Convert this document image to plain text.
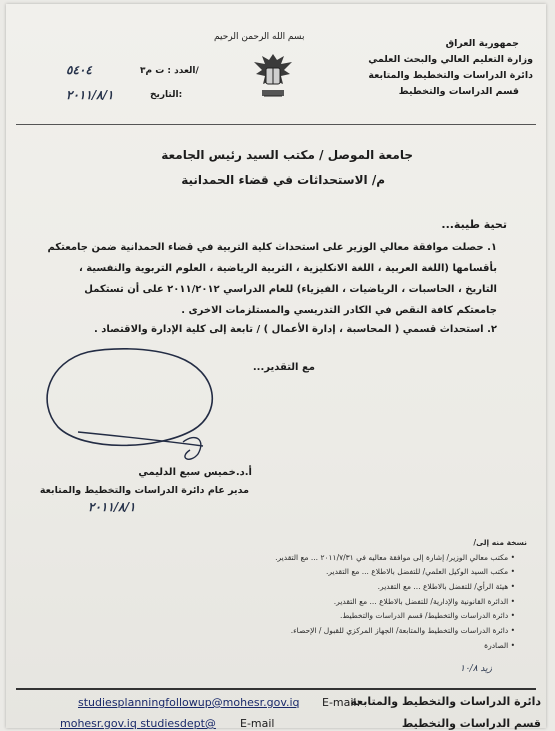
بسم الله الرحمن الرحيم
جمهورية العراق
وزارة التعليم العالي والبحث العلمي
دائرة الدراسات والتخطيط والمتابعة
قسم الدراسات والتخطيط
العدد : ت م٣/
٥٤٠٤
التاريخ:
٢٠١١/٨/١
جامعة الموصل / مكتب السيد رئيس الجامعة
م/ الاستحداثات في قضاء الحمدانية
تحية طيبة...
١. حصلت موافقة معالي الوزير على استحداث كلية التربية في قضاء الحمدانية ضمن جامعتكم
بأقسامها (اللغة العربية ، اللغة الانكليزية ، التربية الرياضية ، العلوم التربوية والنفسية ،
التاريخ ، الحاسبات ، الرياضيات ، الفيزياء) للعام الدراسي ٢٠١١/٢٠١٢ على أن تستكمل
جامعتكم كافة النقص في الكادر التدريسي والمستلزمات الاخرى .
٢. استحداث قسمي ( المحاسبة ، إدارة الأعمال ) / تابعة إلى كلية الإدارة والاقتصاد .
مع التقدير...
أ.د.خميس سبع الدليمي
مدير عام دائرة الدراسات والتخطيط والمتابعة
٢٠١١/٨/١
نسخة منه إلى/
• مكتب معالي الوزير/ إشارة إلى موافقة معاليه في ٢٠١١/٧/٣١ ... مع التقدير.
• مكتب السيد الوكيل العلمي/ للتفضل بالاطلاع ... مع التقدير.
• هيئة الرأي/ للتفضل بالاطلاع ... مع التقدير.
• الدائرة القانونية والإدارية/ للتفضل بالاطلاع ... مع التقدير.
• دائرة الدراسات والتخطيط/ قسم الدراسات والتخطيط.
• دائرة الدراسات والتخطيط والمتابعة/ الجهاز المركزي للقبول / الإحصاء.
• الصادرة
زيد ١٠/٨
دائرة الدراسات والتخطيط والمتابعة
E-mail:
studiesplanningfollowup@mohesr.gov.iq
قسم الدراسات والتخطيط
E-mail
mohesr.gov.iq studiesdept@
